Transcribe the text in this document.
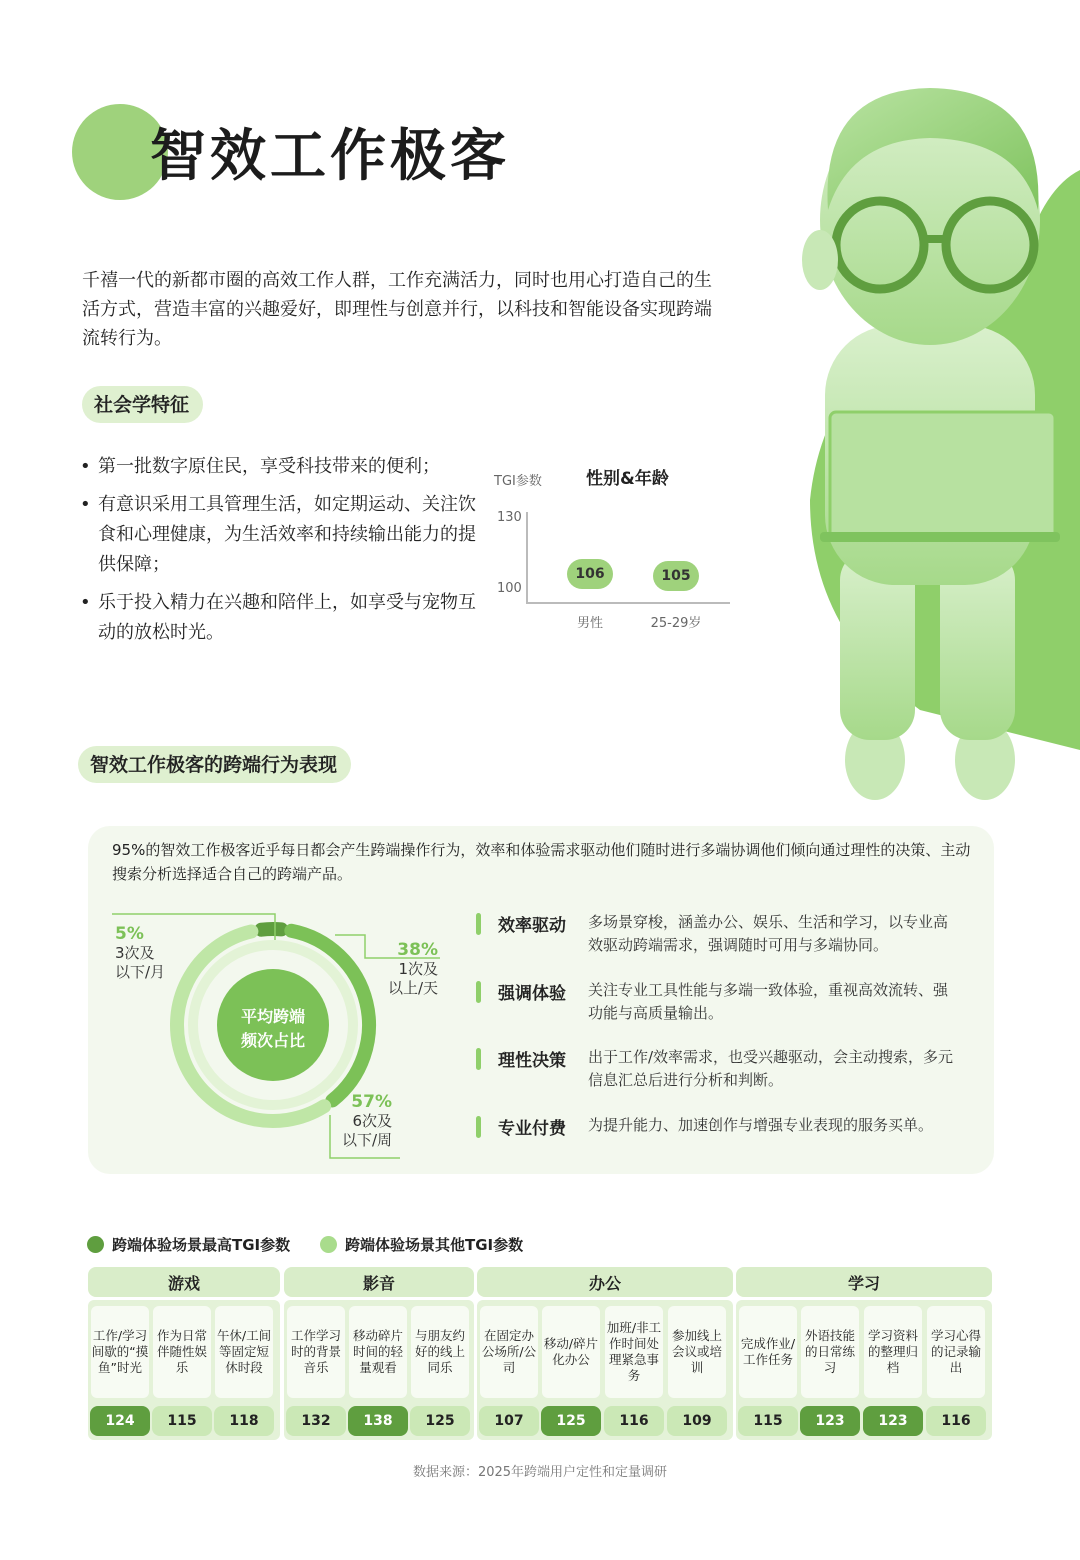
智效工作极客
千禧一代的新都市圈的高效工作人群，工作充满活力，同时也用心打造自己的生活方式，营造丰富的兴趣爱好，即理性与创意并行，以科技和智能设备实现跨端流转行为。
社会学特征
• 第一批数字原住民，享受科技带来的便利；
• 有意识采用工具管理生活，如定期运动、关注饮食和心理健康，为生活效率和持续输出能力的提供保障；
• 乐于投入精力在兴趣和陪伴上，如享受与宠物互动的放松时光。
TGI参数	性别&年龄
130
100
106	105
男性	25-29岁
智效工作极客的跨端行为表现
95%的智效工作极客近乎每日都会产生跨端操作行为，效率和体验需求驱动他们随时进行多端协调他们倾向通过理性的决策、主动搜索分析选择适合自己的跨端产品。
平均跨端
频次占比
5%
3次及
以下/月
38%
1次及
以上/天
57%
6次及
以下/周
效率驱动 多场景穿梭，涵盖办公、娱乐、生活和学习，以专业高效驱动跨端需求，强调随时可用与多端协同。
强调体验 关注专业工具性能与多端一致体验，重视高效流转、强功能与高质量输出。
理性决策 出于工作/效率需求，也受兴趣驱动，会主动搜索，多元信息汇总后进行分析和判断。
专业付费 为提升能力、加速创作与增强专业表现的服务买单。
跨端体验场景最高TGI参数	跨端体验场景其他TGI参数
游戏
工作/学习间歇的“摸鱼”时光
124
作为日常伴随性娱乐
115
午休/工间等固定短休时段
118
影音
工作学习时的背景音乐
132
移动碎片时间的轻量观看
138
与朋友约好的线上同乐
125
办公
在固定办公场所/公司
107
移动/碎片化办公
125
加班/非工作时间处理紧急事务
116
参加线上会议或培训
109
学习
完成作业/工作任务
115
外语技能的日常练习
123
学习资料的整理归档
123
学习心得的记录输出
116
数据来源：2025年跨端用户定性和定量调研
